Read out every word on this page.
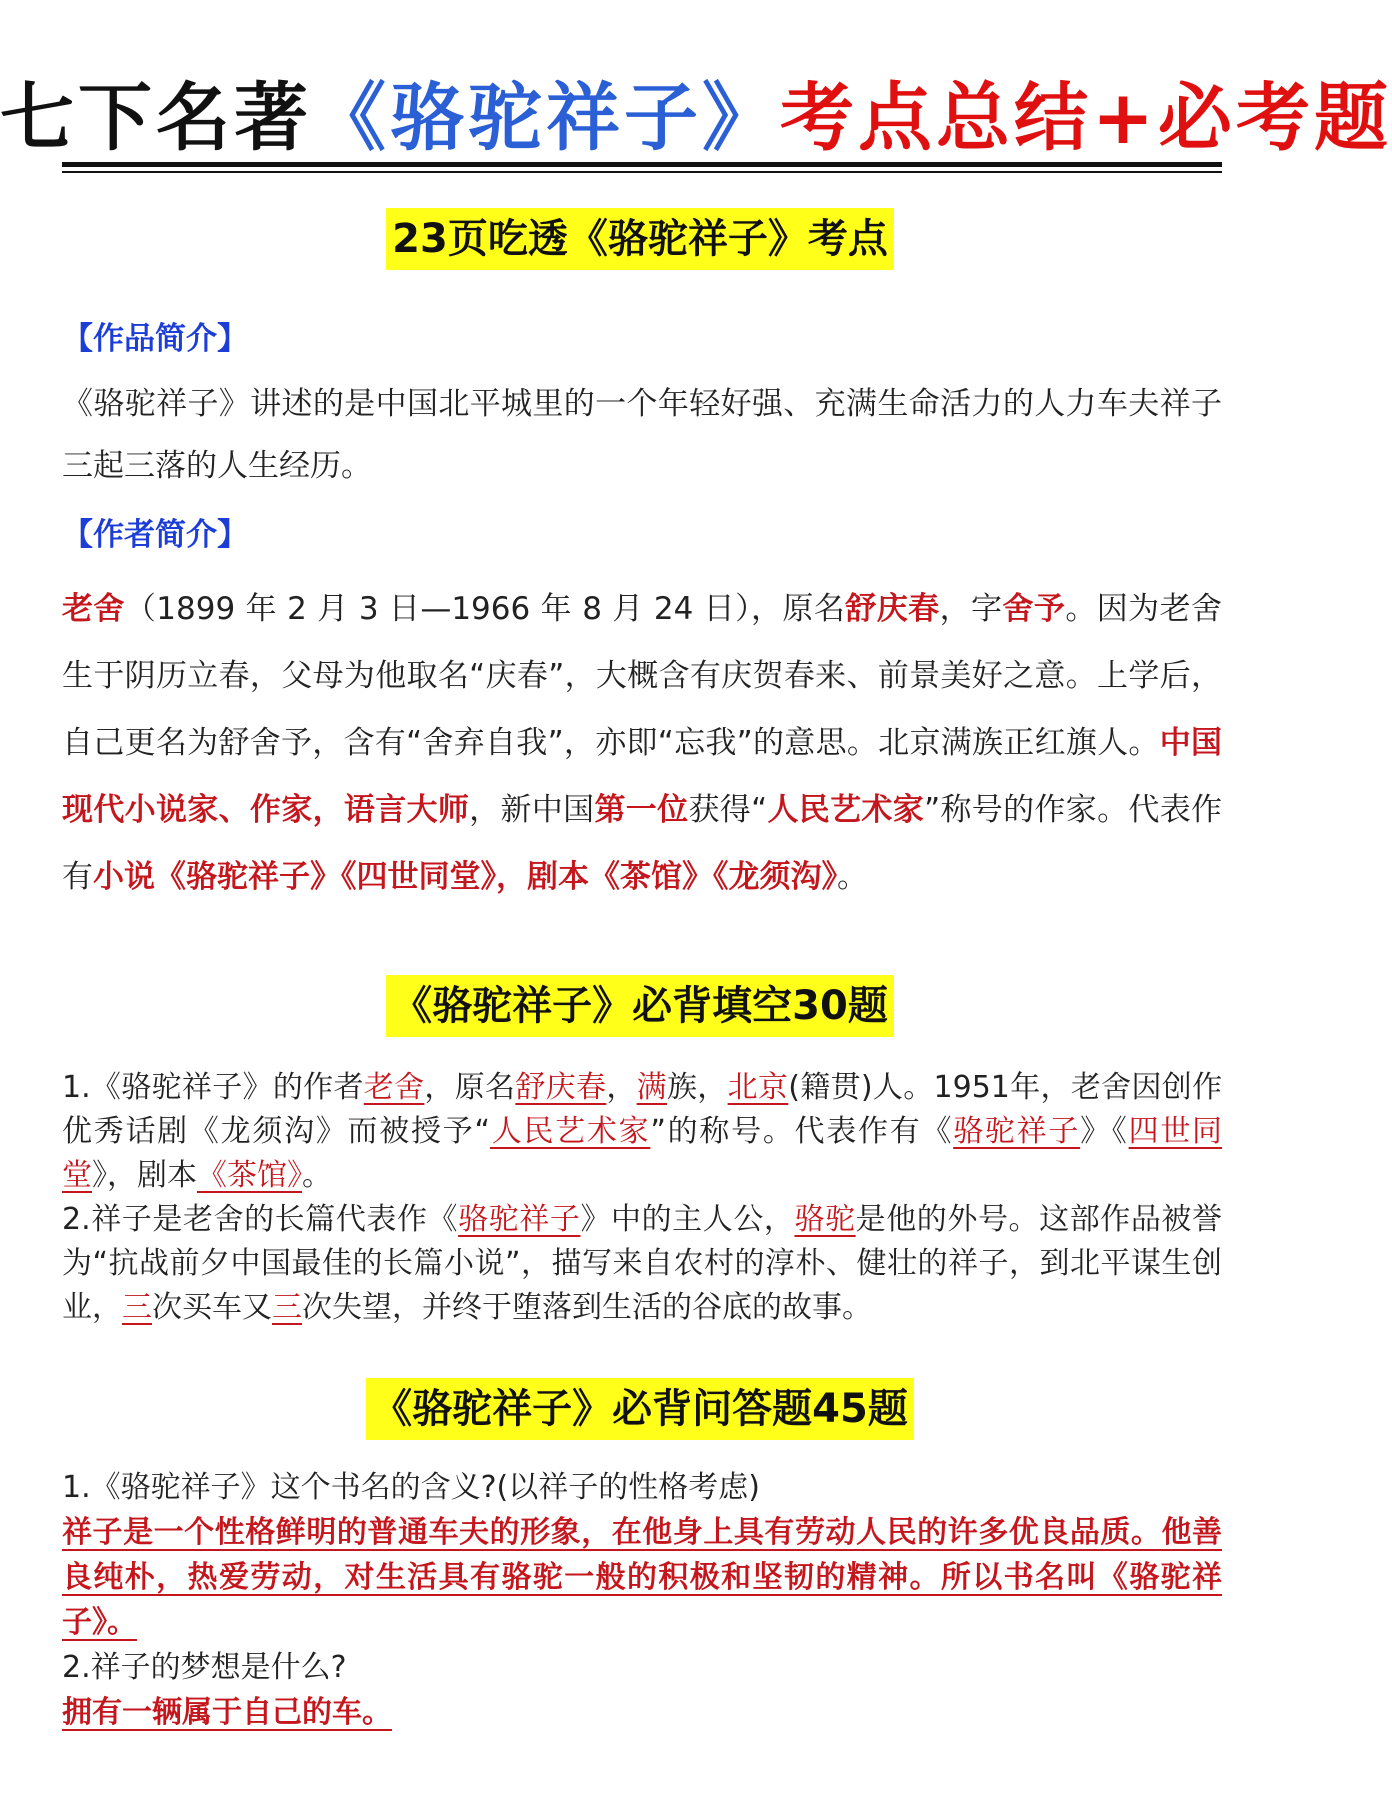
七下名著《骆驼祥子》考点总结+必考题
23页吃透《骆驼祥子》考点
【作品简介】
《骆驼祥子》讲述的是中国北平城里的一个年轻好强、充满生命活力的人力车夫祥子三起三落的人生经历。
【作者简介】
老舍（1899 年 2 月 3 日—1966 年 8 月 24 日），原名舒庆春，字舍予。因为老舍生于阴历立春，父母为他取名“庆春”，大概含有庆贺春来、前景美好之意。上学后，自己更名为舒舍予，含有“舍弃自我”，亦即“忘我”的意思。北京满族正红旗人。中国现代小说家、作家，语言大师，新中国第一位获得“人民艺术家”称号的作家。代表作有小说《骆驼祥子》《四世同堂》，剧本《茶馆》《龙须沟》。
《骆驼祥子》必背填空30题
1.《骆驼祥子》的作者老舍，原名舒庆春，满族，北京(籍贯)人。1951年，老舍因创作优秀话剧《龙须沟》而被授予“人民艺术家”的称号。代表作有《骆驼祥子》《四世同堂》，剧本《茶馆》。
2.祥子是老舍的长篇代表作《骆驼祥子》中的主人公，骆驼是他的外号。这部作品被誉为“抗战前夕中国最佳的长篇小说”，描写来自农村的淳朴、健壮的祥子，到北平谋生创业，三次买车又三次失望，并终于堕落到生活的谷底的故事。
《骆驼祥子》必背问答题45题
1.《骆驼祥子》这个书名的含义?(以祥子的性格考虑)
祥子是一个性格鲜明的普通车夫的形象，在他身上具有劳动人民的许多优良品质。他善良纯朴，热爱劳动，对生活具有骆驼一般的积极和坚韧的精神。所以书名叫《骆驼祥子》。
2.祥子的梦想是什么?
拥有一辆属于自己的车。
